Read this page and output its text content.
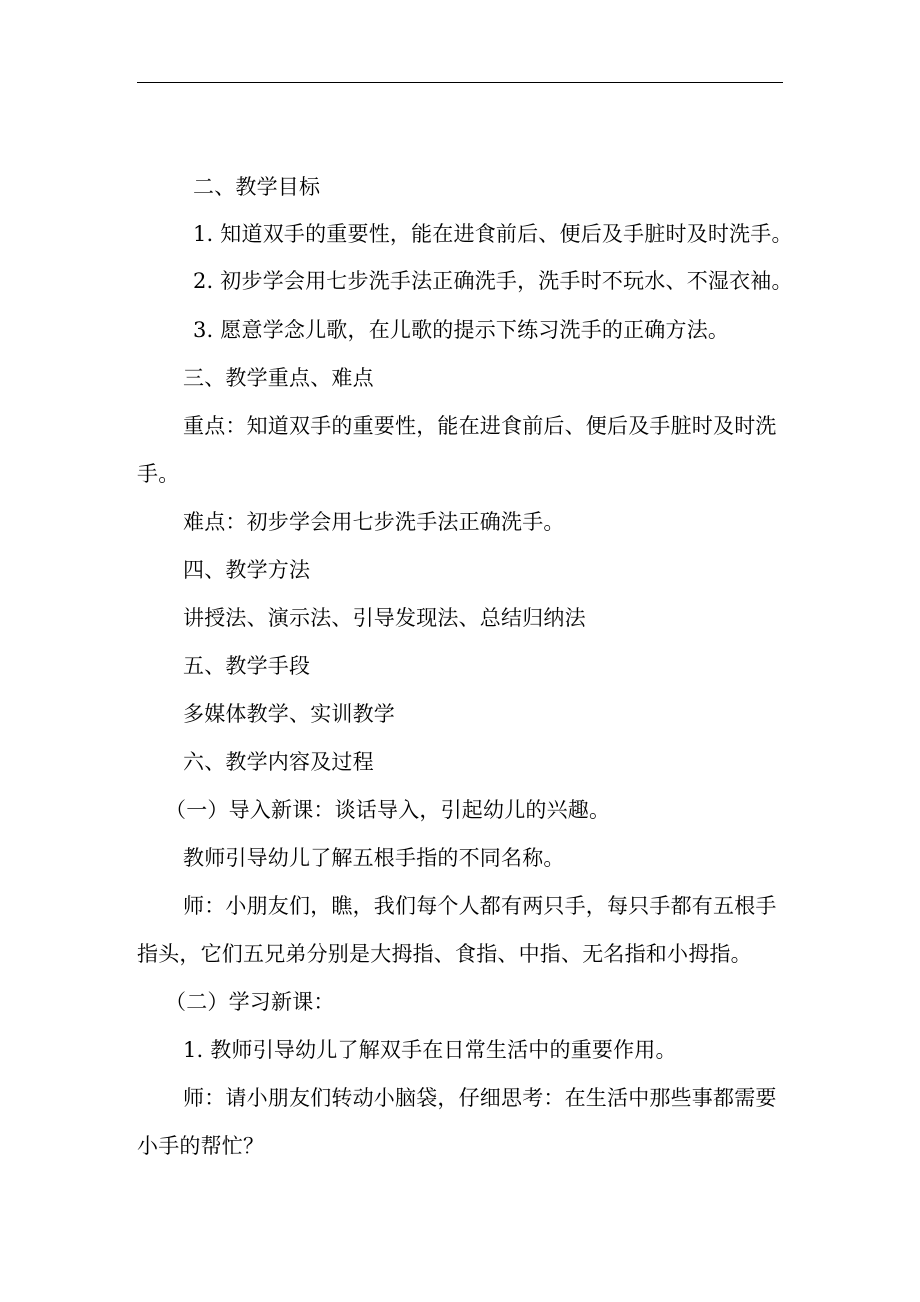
二、教学目标
1. 知道双手的重要性，能在进食前后、便后及手脏时及时洗手。
2. 初步学会用七步洗手法正确洗手，洗手时不玩水、不湿衣袖。
3. 愿意学念儿歌，在儿歌的提示下练习洗手的正确方法。
三、教学重点、难点
重点：知道双手的重要性，能在进食前后、便后及手脏时及时洗
手。
难点：初步学会用七步洗手法正确洗手。
四、教学方法
讲授法、演示法、引导发现法、总结归纳法
五、教学手段
多媒体教学、实训教学
六、教学内容及过程
（一）导入新课：谈话导入，引起幼儿的兴趣。
教师引导幼儿了解五根手指的不同名称。
师：小朋友们，瞧，我们每个人都有两只手，每只手都有五根手
指头，它们五兄弟分别是大拇指、食指、中指、无名指和小拇指。
（二）学习新课：
1. 教师引导幼儿了解双手在日常生活中的重要作用。
师：请小朋友们转动小脑袋，仔细思考：在生活中那些事都需要
小手的帮忙？
